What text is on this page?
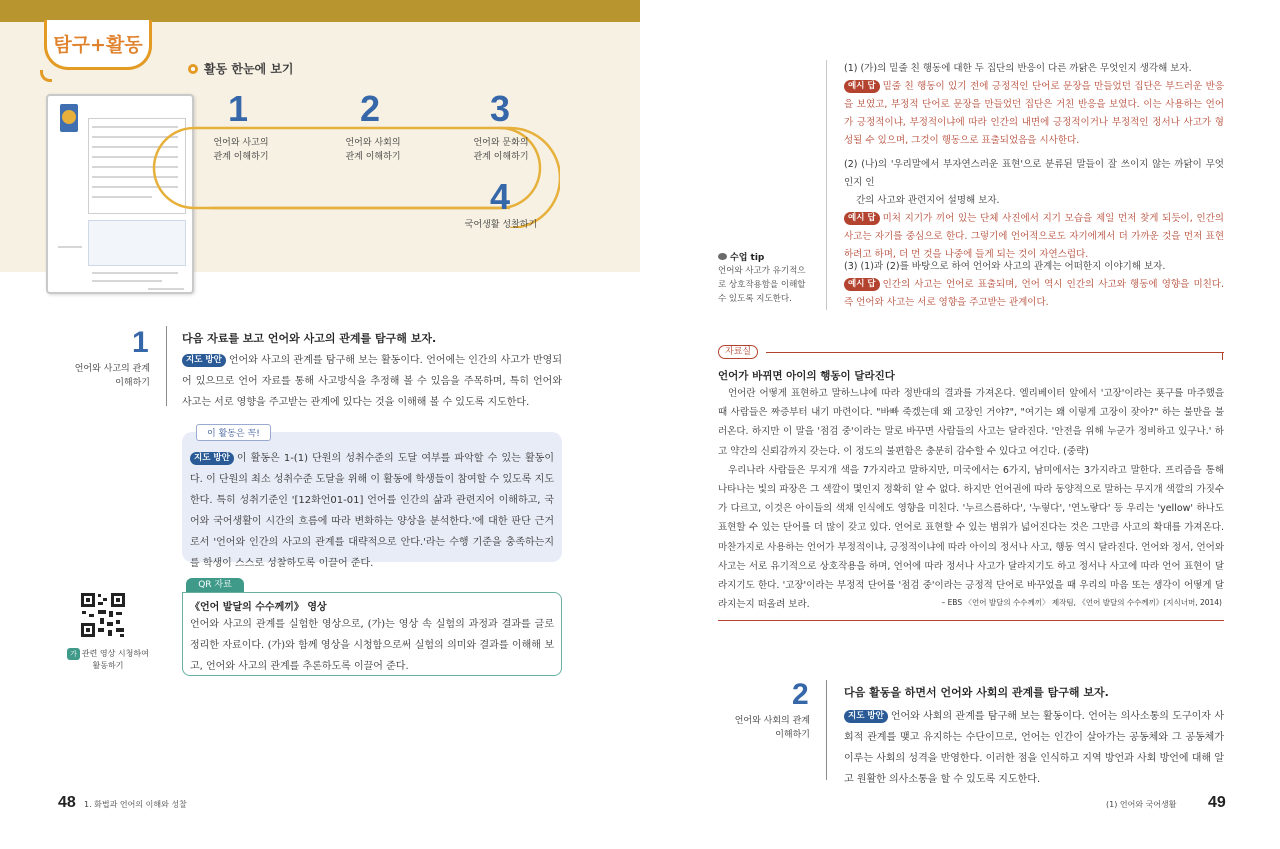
탐구+활동
활동 한눈에 보기
1
언어와 사고의
관계 이해하기
2
언어와 사회의
관계 이해하기
3
언어와 문화의
관계 이해하기
4
국어생활 성찰하기
1
언어와 사고의 관계
이해하기
다음 자료를 보고 언어와 사고의 관계를 탐구해 보자.
지도 방안 언어와 사고의 관계를 탐구해 보는 활동이다. 언어에는 인간의 사고가 반영되어 있으므로 언어 자료를 통해 사고방식을 추정해 볼 수 있음을 주목하며, 특히 언어와 사고는 서로 영향을 주고받는 관계에 있다는 것을 이해해 볼 수 있도록 지도한다.
이 활동은 꼭!
지도 방안 이 활동은 1-(1) 단원의 성취수준의 도달 여부를 파악할 수 있는 활동이다. 이 단원의 최소 성취수준 도달을 위해 이 활동에 학생들이 참여할 수 있도록 지도한다. 특히 성취기준인 '[12화언01-01] 언어를 인간의 삶과 관련지어 이해하고, 국어와 국어생활이 시간의 흐름에 따라 변화하는 양상을 분석한다.'에 대한 판단 근거로서 '언어와 인간의 사고의 관계를 대략적으로 안다.'라는 수행 기준을 충족하는지를 학생이 스스로 성찰하도록 이끌어 준다.
가 관련 영상 시청하여
활동하기
QR 자료
《언어 발달의 수수께끼》 영상
언어와 사고의 관계를 실험한 영상으로, (가)는 영상 속 실험의 과정과 결과를 글로 정리한 자료이다. (가)와 함께 영상을 시청함으로써 실험의 의미와 결과를 이해해 보고, 언어와 사고의 관계를 추론하도록 이끌어 준다.
48 1. 화법과 언어의 이해와 성찰
(1) (가)의 밑줄 친 행동에 대한 두 집단의 반응이 다른 까닭은 무엇인지 생각해 보자.
예시 답 밑줄 친 행동이 있기 전에 긍정적인 단어로 문장을 만들었던 집단은 부드러운 반응을 보였고, 부정적 단어로 문장을 만들었던 집단은 거친 반응을 보였다. 이는 사용하는 언어가 긍정적이냐, 부정적이냐에 따라 인간의 내면에 긍정적이거나 부정적인 정서나 사고가 형성될 수 있으며, 그것이 행동으로 표출되었음을 시사한다.
(2) (나)의 '우리말에서 부자연스러운 표현'으로 분류된 말들이 잘 쓰이지 않는 까닭이 무엇인지 인
간의 사고와 관련지어 설명해 보자.
예시 답 미처 지기가 끼어 있는 단체 사진에서 지기 모습을 제일 먼저 찾게 되듯이, 인간의 사고는 자기를 중심으로 한다. 그렇기에 언어적으로도 자기에게서 더 가까운 것을 먼저 표현하려고 하며, 더 먼 것을 나중에 들게 되는 것이 자연스럽다.
수업 tip
언어와 사고가 유기적으로 상호작용함을 이해할 수 있도록 지도한다.
(3) (1)과 (2)를 바탕으로 하여 언어와 사고의 관계는 어떠한지 이야기해 보자.
예시 답 인간의 사고는 언어로 표출되며, 언어 역시 인간의 사고와 행동에 영향을 미친다. 즉 언어와 사고는 서로 영향을 주고받는 관계이다.
자료실
언어가 바뀌면 아이의 행동이 달라진다
언어란 어떻게 표현하고 말하느냐에 따라 정반대의 결과를 가져온다. 엘리베이터 앞에서 '고장'이라는 푯구를 마주했을 때 사람들은 짜증부터 내기 마련이다. "바빠 죽겠는데 왜 고장인 거야?", "여기는 왜 이렇게 고장이 잦아?" 하는 불만을 불러온다. 하지만 이 말을 '점검 중'이라는 말로 바꾸면 사람들의 사고는 달라진다. '안전을 위해 누군가 정비하고 있구나.' 하고 약간의 신뢰감까지 갖는다. 이 정도의 불편함은 충분히 감수할 수 있다고 여긴다. (중략)
우리나라 사람들은 무지개 색을 7가지라고 말하지만, 미국에서는 6가지, 남미에서는 3가지라고 말한다. 프리즘을 통해 나타나는 빛의 파장은 그 색깔이 몇인지 정확히 알 수 없다. 하지만 언어권에 따라 동양적으로 말하는 무지개 색깔의 가짓수가 다르고, 이것은 아이들의 색채 인식에도 영향을 미친다. '누르스름하다', '누렇다', '연노랗다' 등 우리는 'yellow' 하나도 표현할 수 있는 단어를 더 많이 갖고 있다. 언어로 표현할 수 있는 범위가 넓어진다는 것은 그만큼 사고의 확대를 가져온다. 마찬가지로 사용하는 언어가 부정적이냐, 긍정적이냐에 따라 아이의 정서나 사고, 행동 역시 달라진다. 언어와 정서, 언어와 사고는 서로 유기적으로 상호작용을 하며, 언어에 따라 정서나 사고가 달라지기도 하고 정서나 사고에 따라 언어 표현이 달라지기도 한다. '고장'이라는 부정적 단어를 '점검 중'이라는 긍정적 단어로 바꾸었을 때 우리의 마음 또는 생각이 어떻게 달라지는지 떠올려 보라.	– EBS 〈언어 발달의 수수께끼〉 제작팀, 《언어 발달의 수수께끼》(지식너머, 2014)
2
언어와 사회의 관계
이해하기
다음 활동을 하면서 언어와 사회의 관계를 탐구해 보자.
지도 방안 언어와 사회의 관계를 탐구해 보는 활동이다. 언어는 의사소통의 도구이자 사회적 관계를 맺고 유지하는 수단이므로, 언어는 인간이 살아가는 공동체와 그 공동체가 이루는 사회의 성격을 반영한다. 이러한 점을 인식하고 지역 방언과 사회 방언에 대해 알고 원활한 의사소통을 할 수 있도록 지도한다.
(1) 언어와 국어생활 49
